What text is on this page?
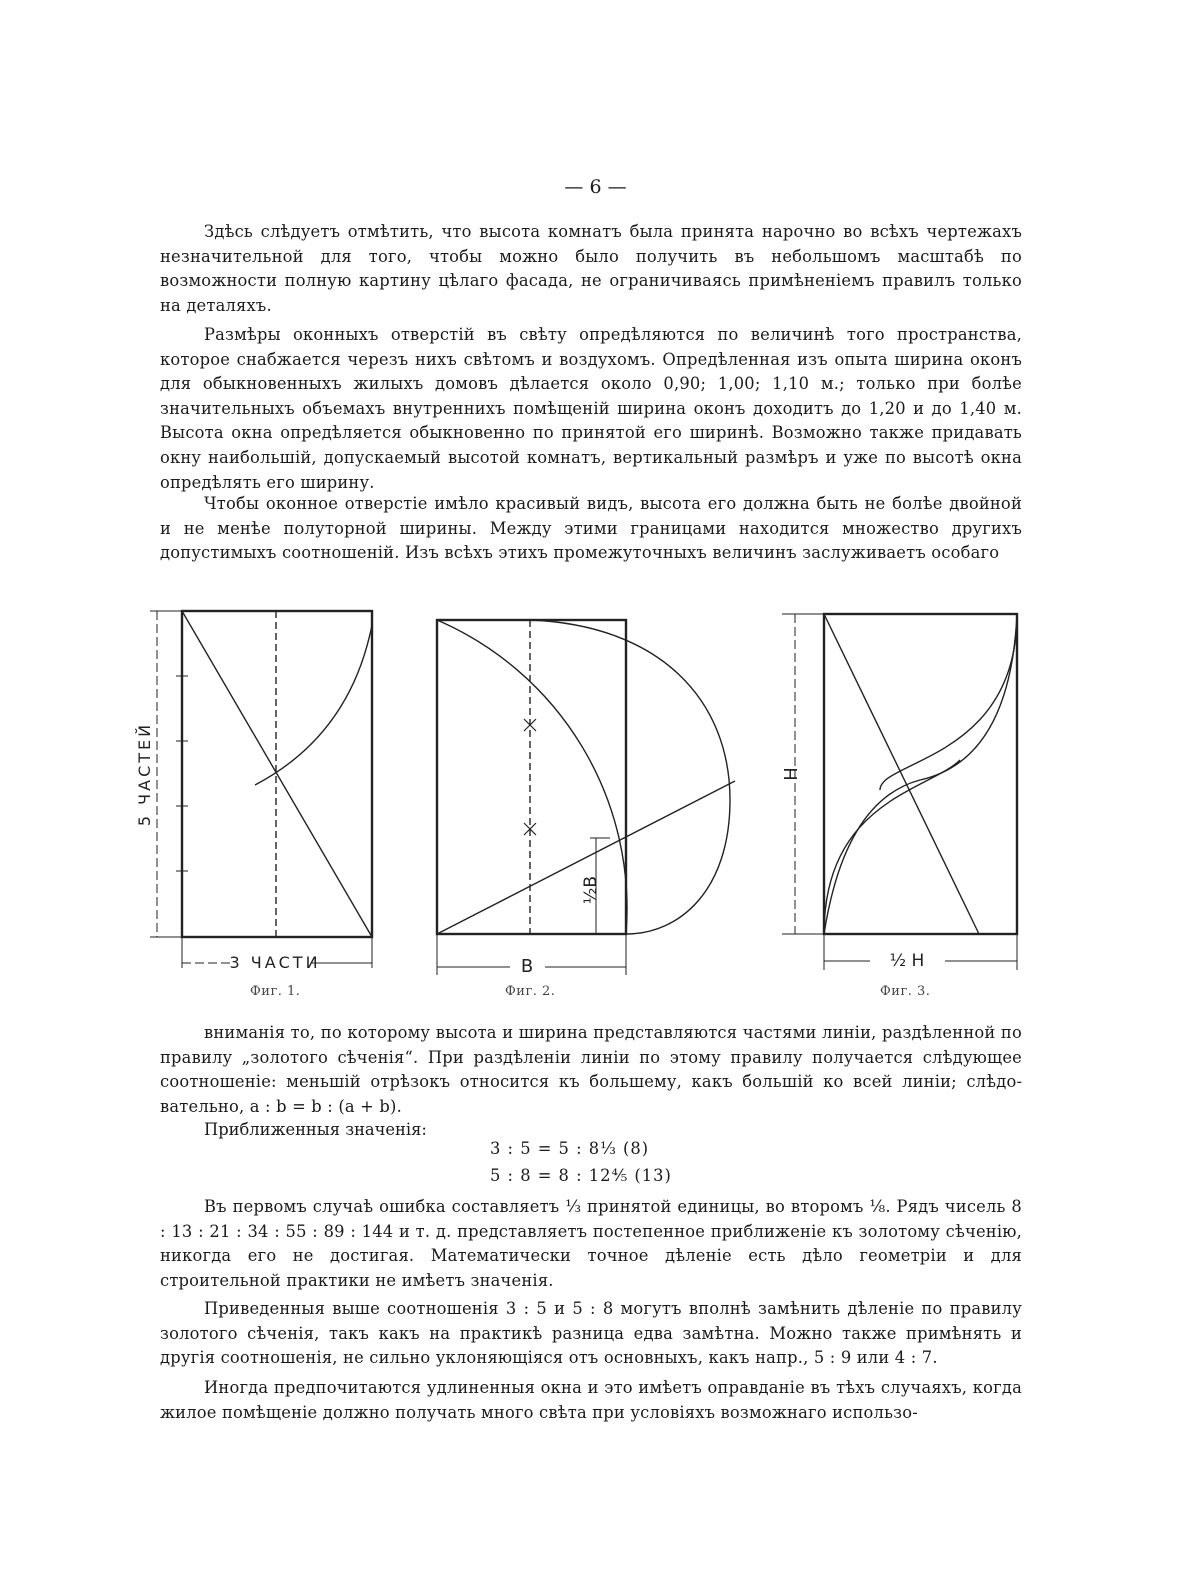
— 6 —

Здѣсь слѣдуетъ отмѣтить, что высота комнатъ была принята нарочно во всѣхъ чертежахъ незначительной для того, чтобы можно было получить въ небольшомъ масштабѣ по возможности полную картину цѣлаго фасада, не ограничиваясь примѣненіемъ правилъ только на деталяхъ.

Размѣры оконныхъ отверстій въ свѣту опредѣляются по величинѣ того пространства, которое снабжается черезъ нихъ свѣтомъ и воздухомъ. Опредѣленная изъ опыта ширина оконъ для обыкновенныхъ жилыхъ домовъ дѣлается около 0,90; 1,00; 1,10 м.; только при болѣе значительныхъ объемахъ внутреннихъ помѣщеній ширина оконъ доходитъ до 1,20 и до 1,40 м. Высота окна опредѣляется обыкновенно по принятой его ширинѣ. Возможно также придавать окну наибольшій, допускаемый высотой комнатъ, вертикальный размѣръ и уже по высотѣ окна опредѣлять его ширину.

Чтобы оконное отверстіе имѣло красивый видъ, высота его должна быть не болѣе двойной и не менѣе полуторной ширины. Между этими границами находится множество другихъ допустимыхъ соотношеній. Изъ всѣхъ этихъ промежуточныхъ величинъ заслуживаетъ особаго

5 ЧАСТЕЙ
3 ЧАСТИ	B
½B
H
½ H
Фиг. 1.	Фиг. 2.	Фиг. 3.

вниманія то, по которому высота и ширина представляются частями линіи, раздѣленной по правилу „золотого сѣченія“. При раздѣленіи линіи по этому правилу получается слѣдующее соотношеніе: меньшій отрѣзокъ относится къ большему, какъ большій ко всей линіи; слѣдовательно, a : b = b : (a + b).

Приближенныя значенія:
3 : 5 = 5 : 8⅓ (8)
5 : 8 = 8 : 12⅘ (13)

Въ первомъ случаѣ ошибка составляетъ ⅓ принятой единицы, во второмъ ⅛. Рядъ чисель 8 : 13 : 21 : 34 : 55 : 89 : 144 и т. д. представляетъ постепенное приближеніе къ золотому сѣченію, никогда его не достигая. Математически точное дѣленіе есть дѣло геометріи и для строительной практики не имѣетъ значенія.

Приведенныя выше соотношенія 3 : 5 и 5 : 8 могутъ вполнѣ замѣнить дѣленіе по правилу золотого сѣченія, такъ какъ на практикѣ разница едва замѣтна. Можно также примѣнять и другія соотношенія, не сильно уклоняющіяся отъ основныхъ, какъ напр., 5 : 9 или 4 : 7.

Иногда предпочитаются удлиненныя окна и это имѣетъ оправданіе въ тѣхъ случаяхъ, когда жилое помѣщеніе должно получать много свѣта при условіяхъ возможнаго использо-
